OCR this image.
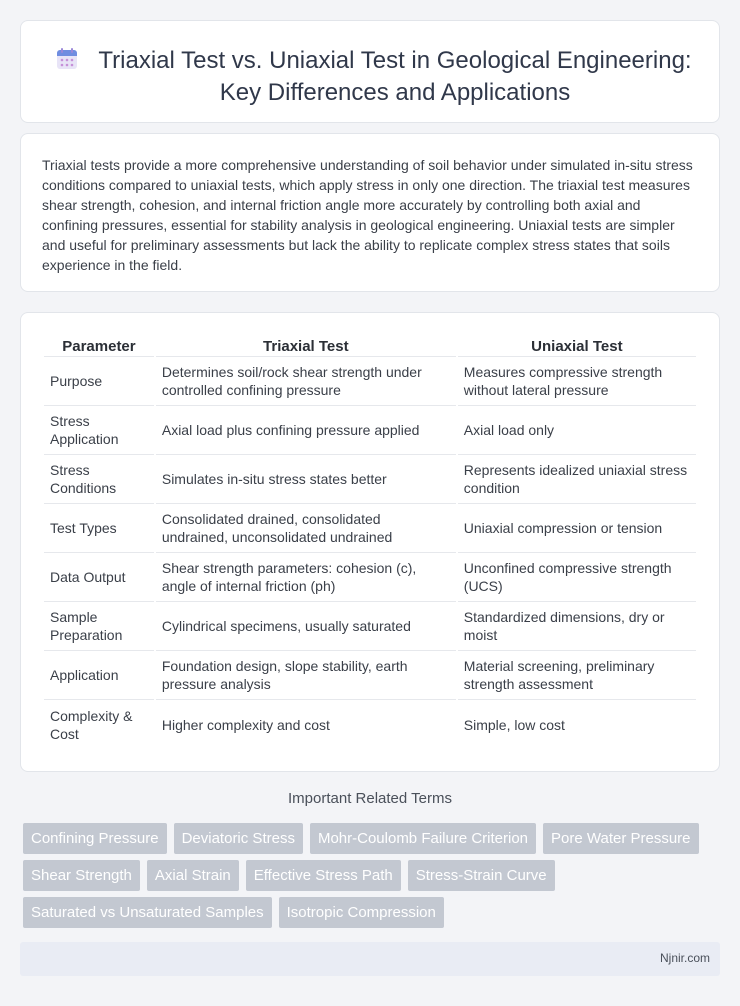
Triaxial Test vs. Uniaxial Test in Geological Engineering: Key Differences and Applications

Triaxial tests provide a more comprehensive understanding of soil behavior under simulated in-situ stress conditions compared to uniaxial tests, which apply stress in only one direction. The triaxial test measures shear strength, cohesion, and internal friction angle more accurately by controlling both axial and confining pressures, essential for stability analysis in geological engineering. Uniaxial tests are simpler and useful for preliminary assessments but lack the ability to replicate complex stress states that soils experience in the field.

Parameter	Triaxial Test	Uniaxial Test
Purpose	Determines soil/rock shear strength under controlled confining pressure	Measures compressive strength without lateral pressure
Stress Application	Axial load plus confining pressure applied	Axial load only
Stress Conditions	Simulates in-situ stress states better	Represents idealized uniaxial stress condition
Test Types	Consolidated drained, consolidated undrained, unconsolidated undrained	Uniaxial compression or tension
Data Output	Shear strength parameters: cohesion (c), angle of internal friction (ph)	Unconfined compressive strength (UCS)
Sample Preparation	Cylindrical specimens, usually saturated	Standardized dimensions, dry or moist
Application	Foundation design, slope stability, earth pressure analysis	Material screening, preliminary strength assessment
Complexity & Cost	Higher complexity and cost	Simple, low cost
Important Related Terms
Confining Pressure	Deviatoric Stress	Mohr-Coulomb Failure Criterion	Pore Water Pressure
Shear Strength	Axial Strain	Effective Stress Path	Stress-Strain Curve
Saturated vs Unsaturated Samples	Isotropic Compression
Njnir.com
